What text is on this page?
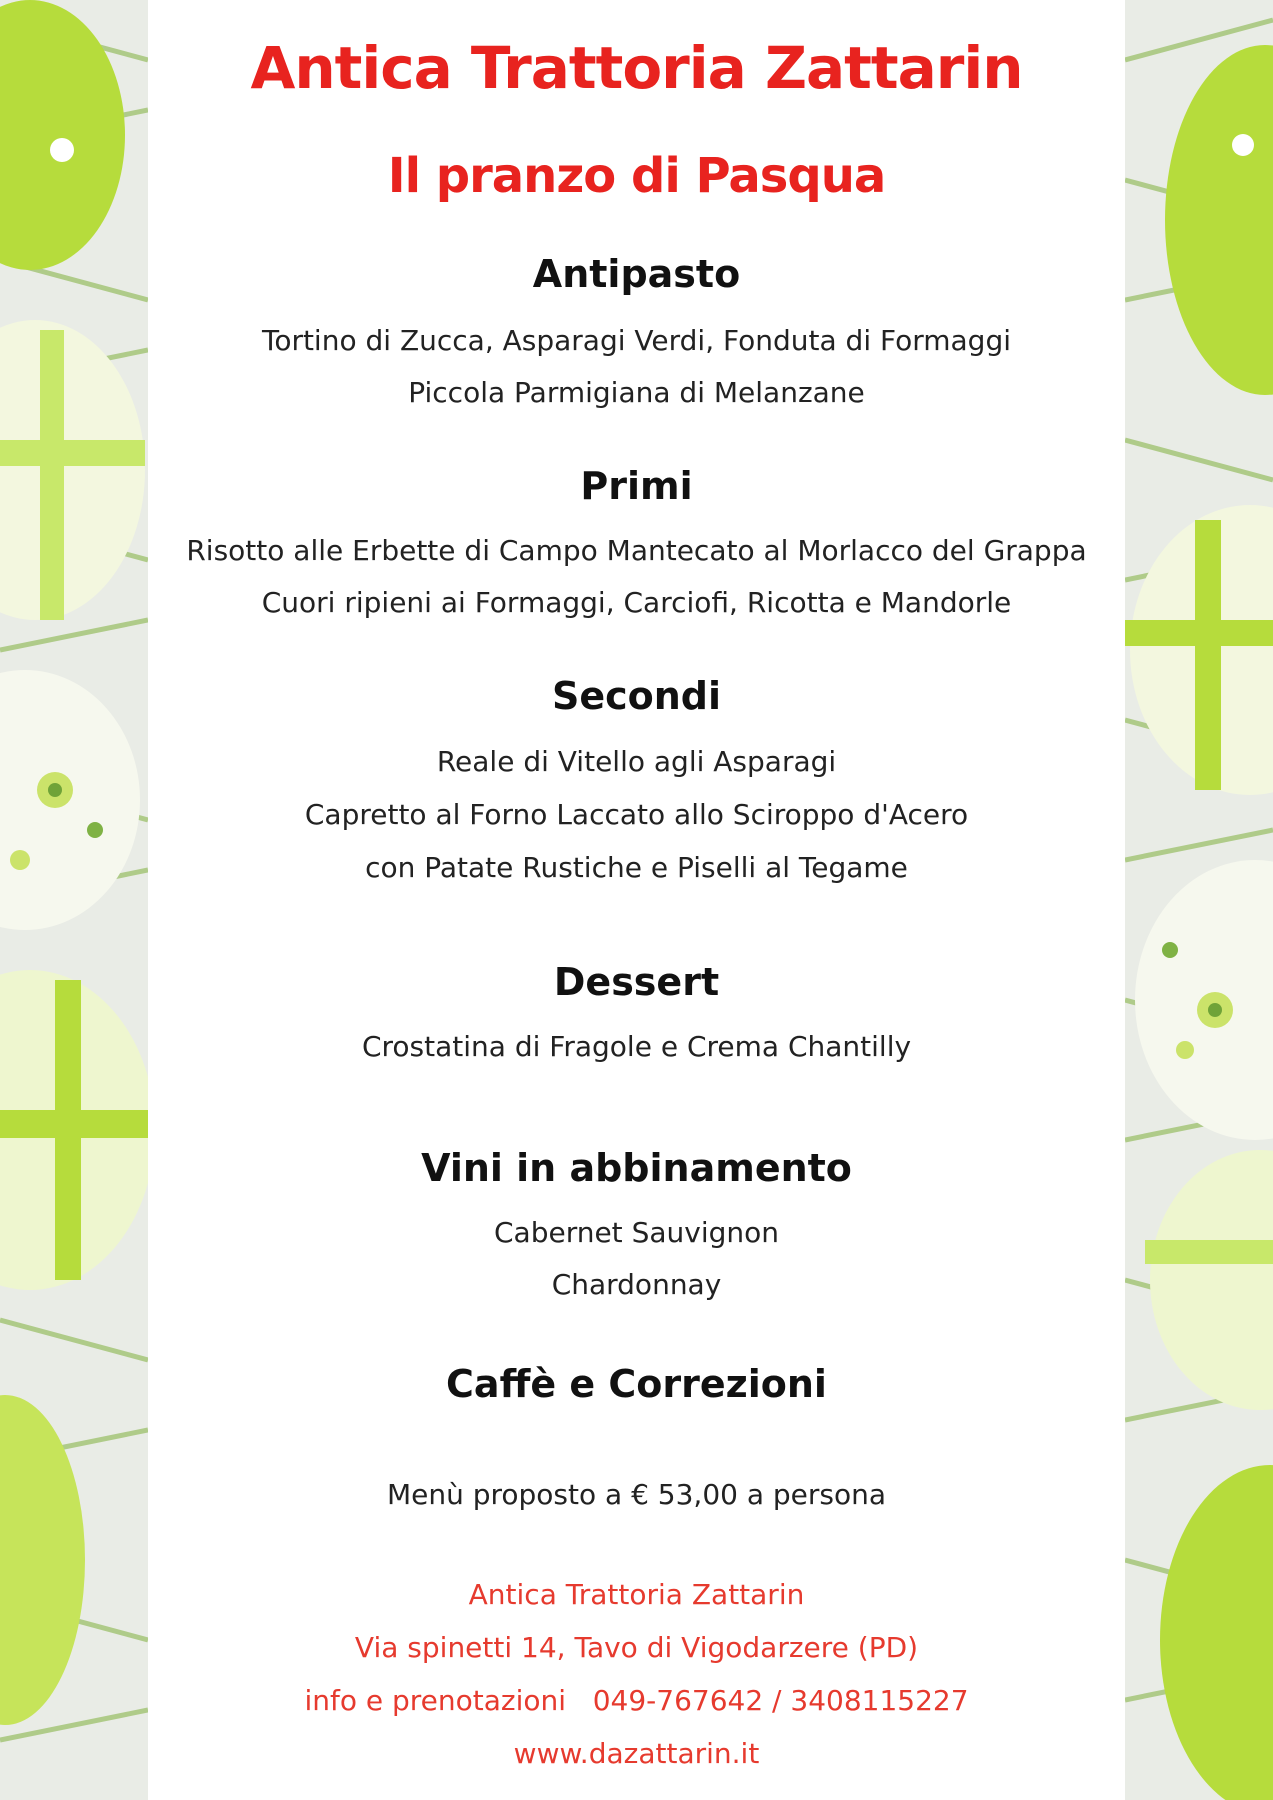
Antica Trattoria Zattarin
Il pranzo di Pasqua
Antipasto
Tortino di Zucca, Asparagi Verdi, Fonduta di Formaggi
Piccola Parmigiana di Melanzane
Primi
Risotto alle Erbette di Campo Mantecato al Morlacco del Grappa
Cuori ripieni ai Formaggi, Carciofi, Ricotta e Mandorle
Secondi
Reale di Vitello agli Asparagi
Capretto al Forno Laccato allo Sciroppo d'Acero
con Patate Rustiche e Piselli al Tegame
Dessert
Crostatina di Fragole e Crema Chantilly
Vini in abbinamento
Cabernet Sauvignon
Chardonnay
Caffè e Correzioni
Menù proposto a € 53,00 a persona
Antica Trattoria Zattarin
Via spinetti 14, Tavo di Vigodarzere (PD)
info e prenotazioni   049-767642 / 3408115227
www.dazattarin.it
